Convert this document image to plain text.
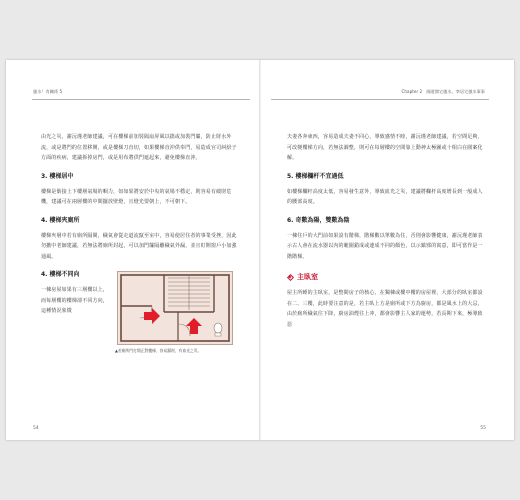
風水！有關係 5	Chapter 2　國道開宅風水，李居宅風水事事

由光之災，謝沅瑾老師建議，可在樓梯前加裝隔扇屏風以擋或加裝門簾，防止財水外流，或是將門的位置移開，或是樓梯刀直切，如果樓梯直沖供奉門，易造成官司糾紛子方面的疾病，建議拆掉房門，或是用布將供門遮起來，避免樓梯直沖。

3. 樓梯居中

樓梯是銜接上下樓層氣場的咽力，如如果將安於中央的氣場不穩定，則容易有破財危機，建議可在兩層樓的中間擺放壁燈，且燈光要朝上，不可朝下。

4. 樓梯夾廁所

樓梯夾層中若有廁所隔間，穢氣會從走道流竄至室中，容易使居住者的事業受挫，因此勿撤中老師建議，若無法將廁所封起，可以加門簾隔離穢氣外漏，並且盯開窗戶小加強通風。

4. 樓梯不同向

一棟房屋如果有三層樓以上，而每層樓的樓梯卻不同方向，這種情況象徵

▲若廁所門打開正對樓梯，容易漏財，有血光之災。

夫妻各奔東西，容易造成夫妻不同心，導致感情不睦，謝沅瑾老師建議，若空間足夠，可改變樓梯方向，若無法調整，則可在每層樓的空間靠上動神太極圖或十相白在圓案化解。

5. 樓梯欄杆不宜過低

如樓梯欄杆高度太低，容易發生意外，導致血光之災，建議將欄杆高度增長到一般成人的腰部高度。

6. 奇數為陽，雙數為陰

一棟住戶的大門前如果設有階梯，階梯數以單數為住，否則會影響健康，謝沅瑾老師表示古人會在流水器以內的範圍錯成或連成不同的顏色，以示鎮邪的寓意，即可當作是一階階梯。

主臥室

屋主所睡的主臥室，是整間房子的核心，在獨棟或樓中樓的房屋裡，大部分的臥室都設在二、三樓，此時要注意的是，若主臥上方是廁所或下方為廚房，都是風水上的大忌，由於廁所穢氣往下降，廚房油煙往上冲，都會影響主人家的運勢，若長期下來，極導致惡

54	55
